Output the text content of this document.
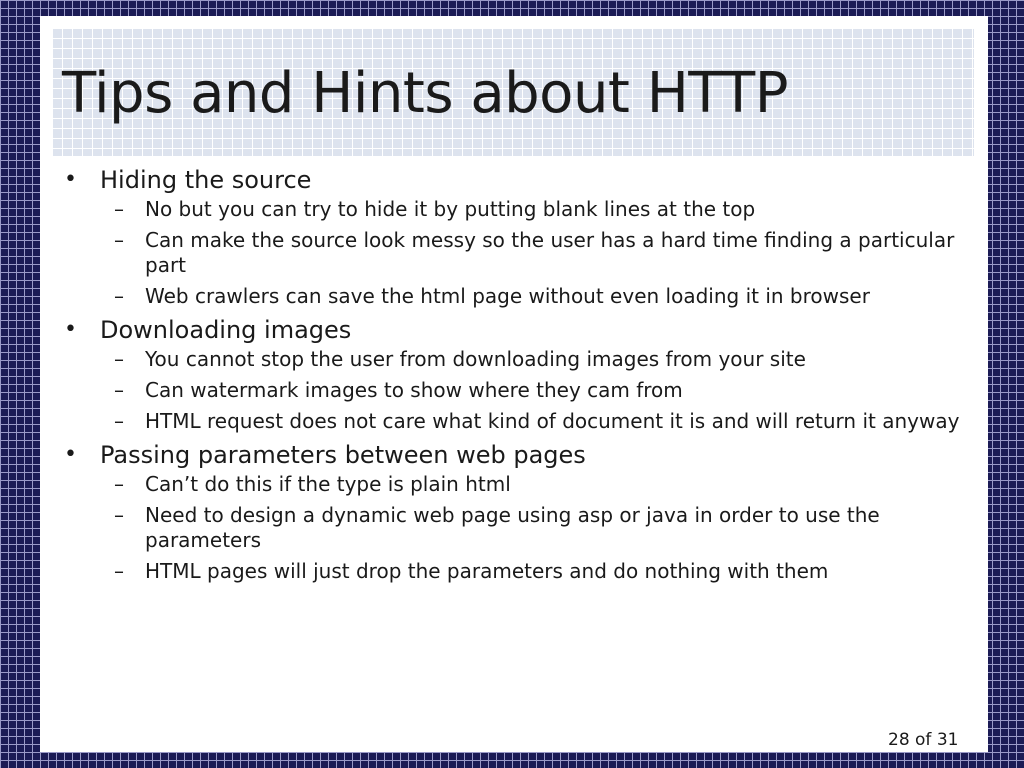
Tips and Hints about HTTP
• Hiding the source
– No but you can try to hide it by putting blank lines at the top
– Can make the source look messy so the user has a hard time finding a particular part
– Web crawlers can save the html page without even loading it in browser
• Downloading images
– You cannot stop the user from downloading images from your site
– Can watermark images to show where they cam from
– HTML request does not care what kind of document it is and will return it anyway
• Passing parameters between web pages
– Can’t do this if the type is plain html
– Need to design a dynamic web page using asp or java in order to use the parameters
– HTML pages will just drop the parameters and do nothing with them
28 of 31
